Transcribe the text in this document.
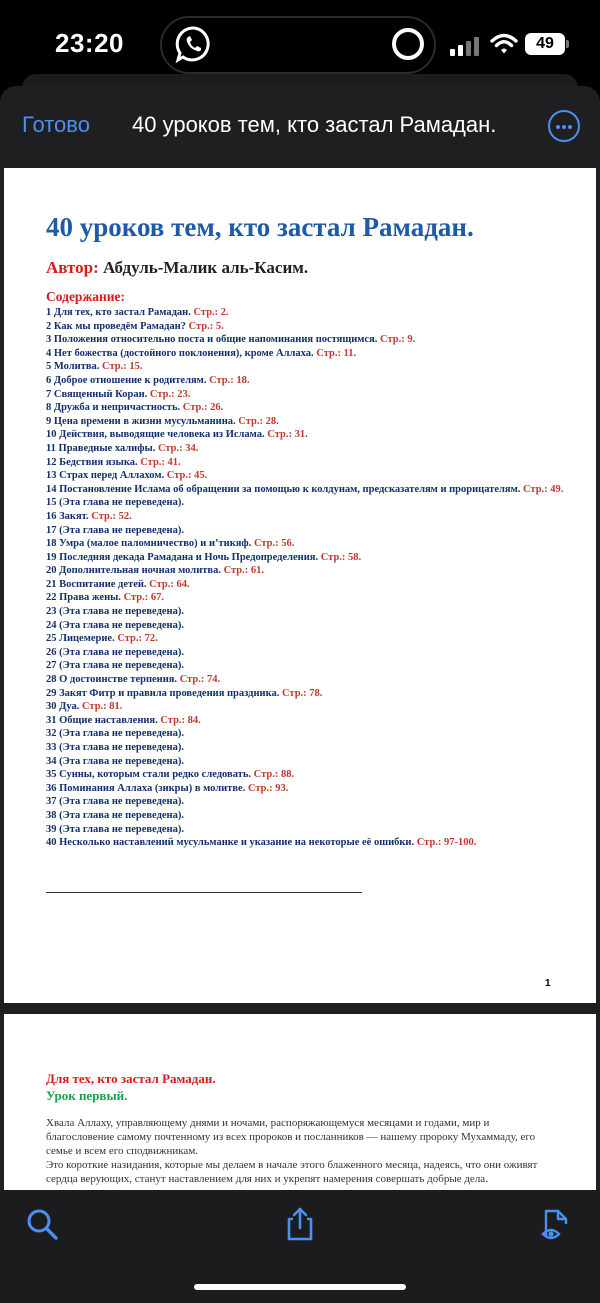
23:20	49
Готово 40 уроков тем, кто застал Рамадан.
40 уроков тем, кто застал Рамадан.
Автор: Абдуль-Малик аль-Касим.
Содержание:
1 Для тех, кто застал Рамадан. Стр.: 2.
2 Как мы проведём Рамадан? Стр.: 5.
3 Положения относительно поста и общие напоминания постящимся. Стр.: 9.
4 Нет божества (достойного поклонения), кроме Аллаха. Стр.: 11.
5 Молитва. Стр.: 15.
6 Доброе отношение к родителям. Стр.: 18.
7 Священный Коран. Стр.: 23.
8 Дружба и непричастность. Стр.: 26.
9 Цена времени в жизни мусульманина. Стр.: 28.
10 Действия, выводящие человека из Ислама. Стр.: 31.
11 Праведные халифы. Стр.: 34.
12 Бедствия языка. Стр.: 41.
13 Страх перед Аллахом. Стр.: 45.
14 Постановление Ислама об обращении за помощью к колдунам, предсказателям и прорицателям. Стр.: 49.
15 (Эта глава не переведена).
16 Закят. Стр.: 52.
17 (Эта глава не переведена).
18 Умра (малое паломничество) и и’тикяф. Стр.: 56.
19 Последняя декада Рамадана и Ночь Предопределения. Стр.: 58.
20 Дополнительная ночная молитва. Стр.: 61.
21 Воспитание детей. Стр.: 64.
22 Права жены. Стр.: 67.
23 (Эта глава не переведена).
24 (Эта глава не переведена).
25 Лицемерие. Стр.: 72.
26 (Эта глава не переведена).
27 (Эта глава не переведена).
28 О достоинстве терпения. Стр.: 74.
29 Закят Фитр и правила проведения праздника. Стр.: 78.
30 Дуа. Стр.: 81.
31 Общие наставления. Стр.: 84.
32 (Эта глава не переведена).
33 (Эта глава не переведена).
34 (Эта глава не переведена).
35 Сунны, которым стали редко следовать. Стр.: 88.
36 Поминания Аллаха (зикры) в молитве. Стр.: 93.
37 (Эта глава не переведена).
38 (Эта глава не переведена).
39 (Эта глава не переведена).
40 Несколько наставлений мусульманке и указание на некоторые её ошибки. Стр.: 97-100.
1
Для тех, кто застал Рамадан.
Урок первый.

Хвала Аллаху, управляющему днями и ночами, распоряжающемуся месяцами и годами, мир и благословение самому почтенному из всех пророков и посланников — нашему пророку Мухаммаду, его семье и всем его сподвижникам.

Это короткие назидания, которые мы делаем в начале этого блаженного месяца, надеясь, что они оживят сердца верующих, станут наставлением для них и укрепят намерения совершать добрые дела.
